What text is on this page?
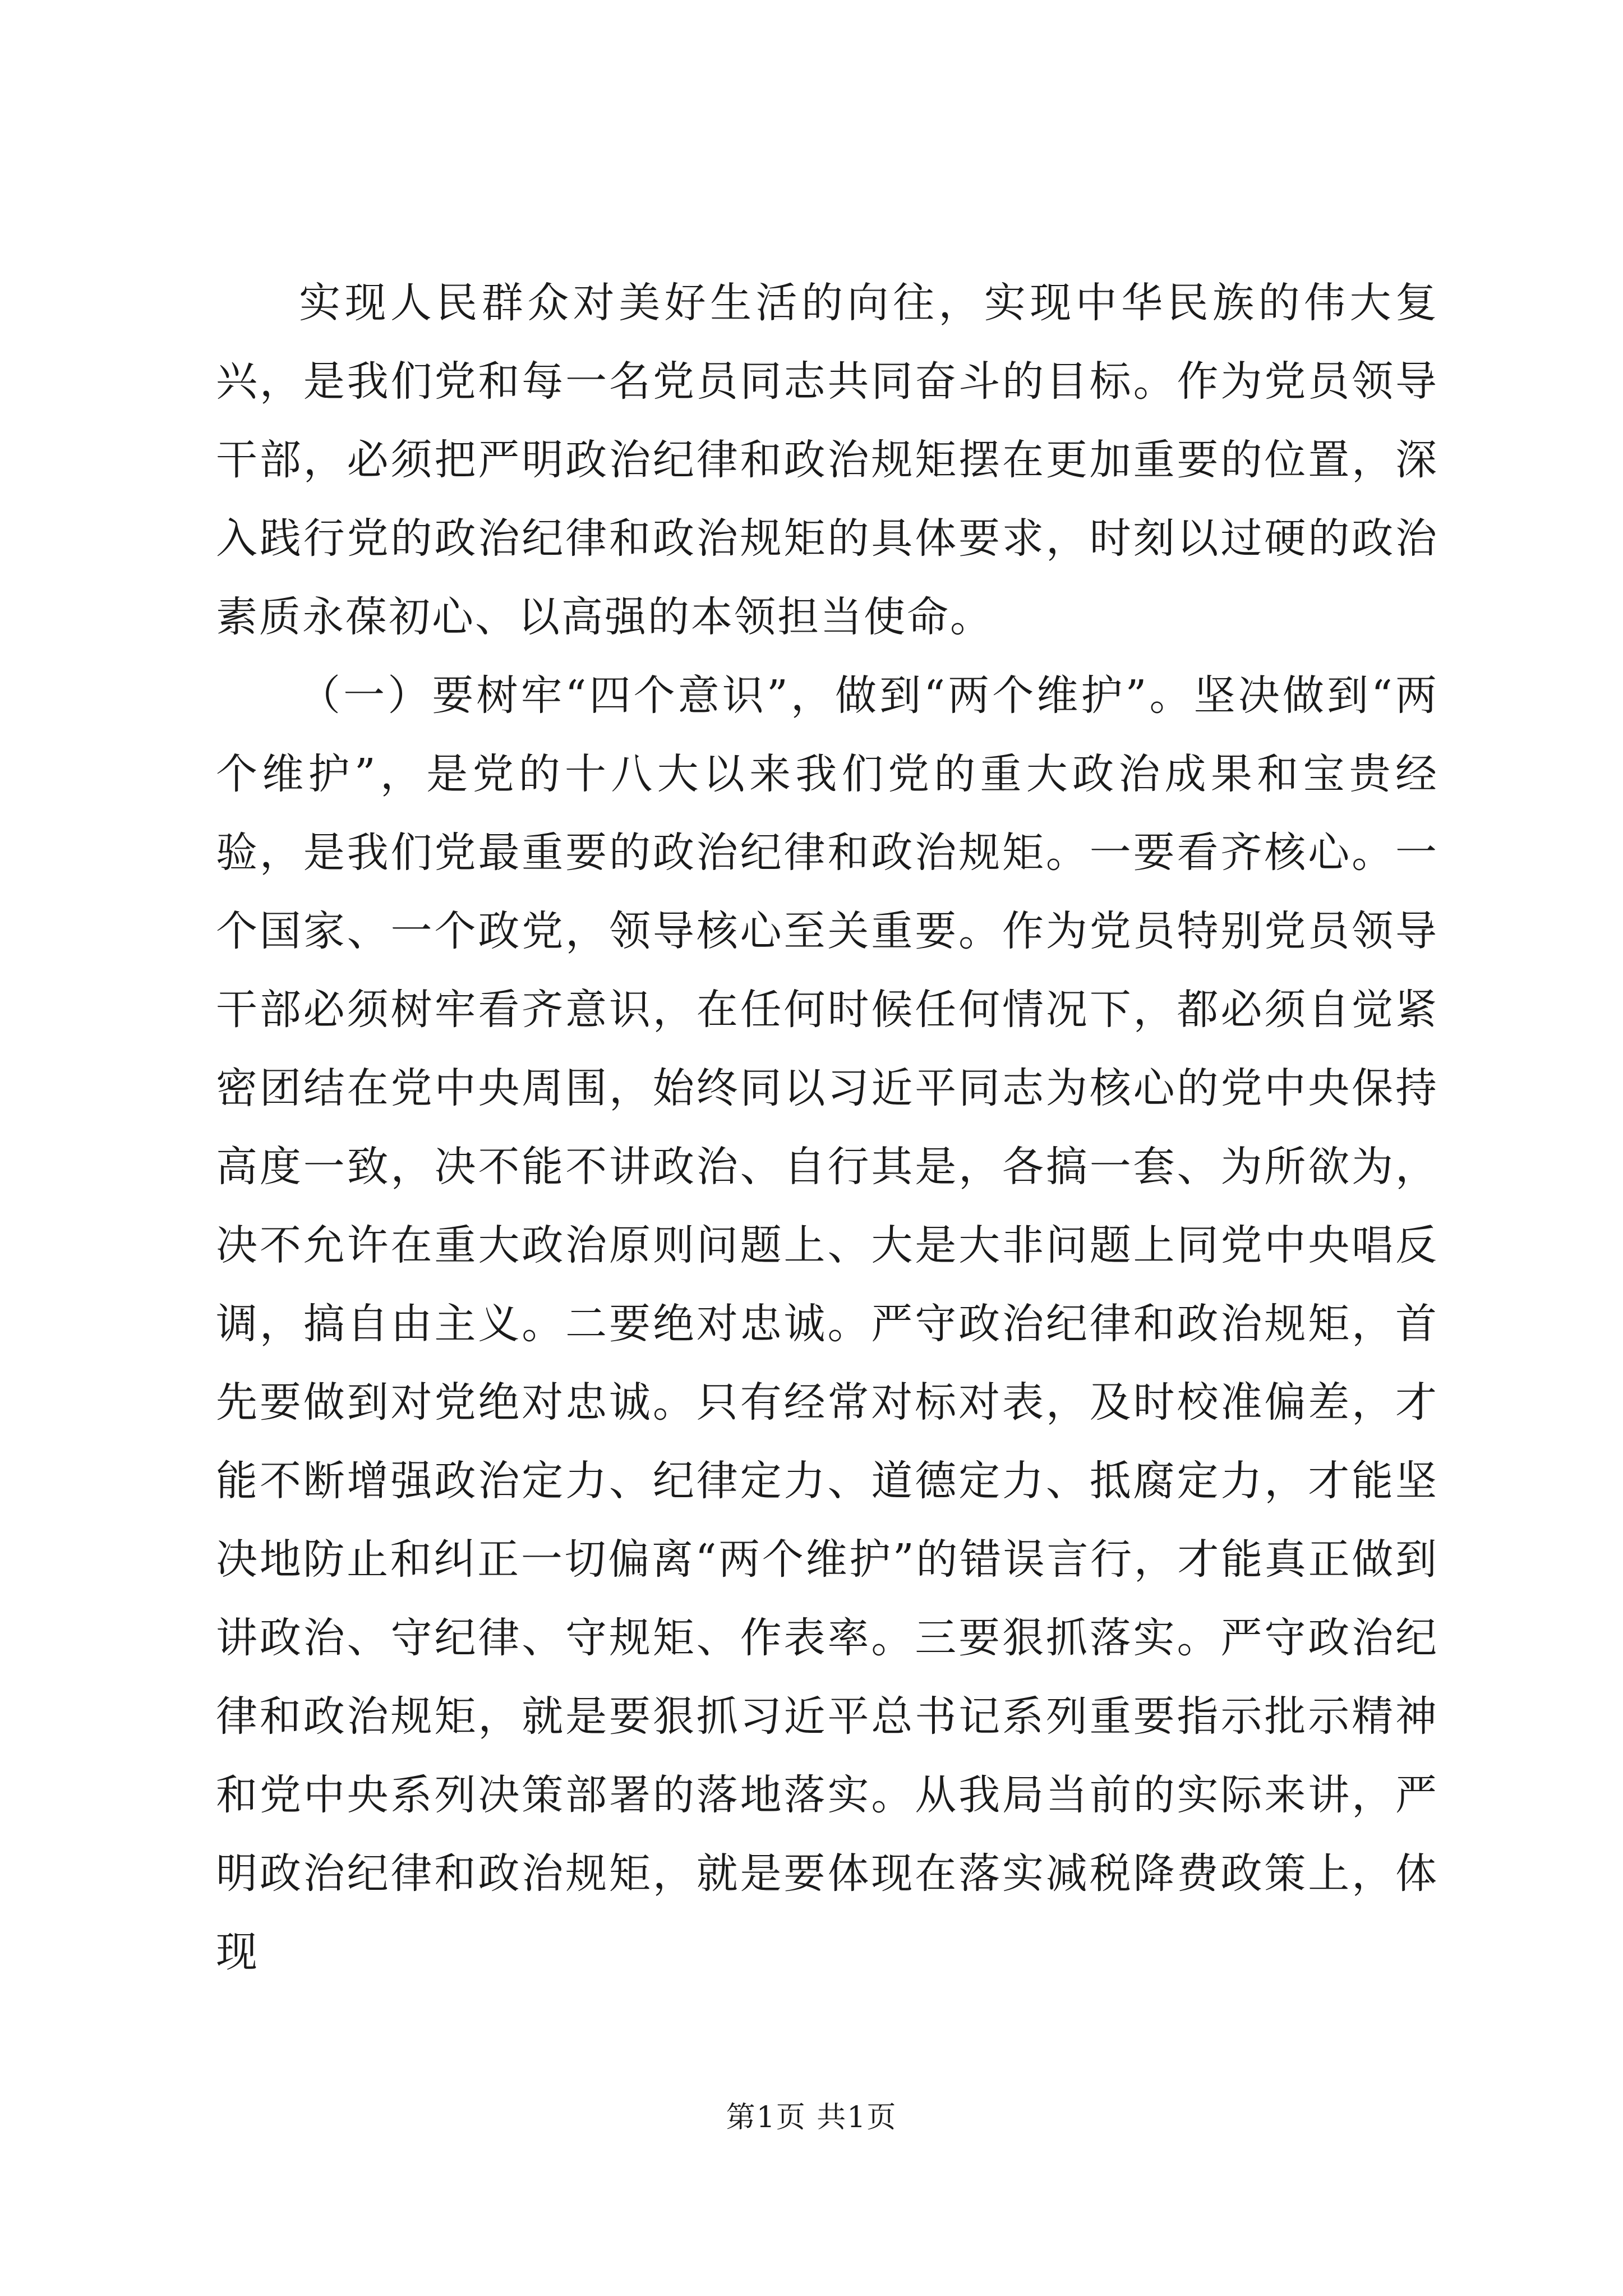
实现人民群众对美好生活的向往，实现中华民族的伟大复兴，是我们党和每一名党员同志共同奋斗的目标。作为党员领导干部，必须把严明政治纪律和政治规矩摆在更加重要的位置，深入践行党的政治纪律和政治规矩的具体要求，时刻以过硬的政治素质永葆初心、以高强的本领担当使命。

（一）要树牢“四个意识”，做到“两个维护”。坚决做到“两个维护”，是党的十八大以来我们党的重大政治成果和宝贵经验，是我们党最重要的政治纪律和政治规矩。一要看齐核心。一个国家、一个政党，领导核心至关重要。作为党员特别党员领导干部必须树牢看齐意识，在任何时候任何情况下，都必须自觉紧密团结在党中央周围，始终同以习近平同志为核心的党中央保持高度一致，决不能不讲政治、自行其是，各搞一套、为所欲为，决不允许在重大政治原则问题上、大是大非问题上同党中央唱反调，搞自由主义。二要绝对忠诚。严守政治纪律和政治规矩，首先要做到对党绝对忠诚。只有经常对标对表，及时校准偏差，才能不断增强政治定力、纪律定力、道德定力、抵腐定力，才能坚决地防止和纠正一切偏离“两个维护”的错误言行，才能真正做到讲政治、守纪律、守规矩、作表率。三要狠抓落实。严守政治纪律和政治规矩，就是要狠抓习近平总书记系列重要指示批示精神和党中央系列决策部署的落地落实。从我局当前的实际来讲，严明政治纪律和政治规矩，就是要体现在落实减税降费政策上，体现

第1页 共1页
